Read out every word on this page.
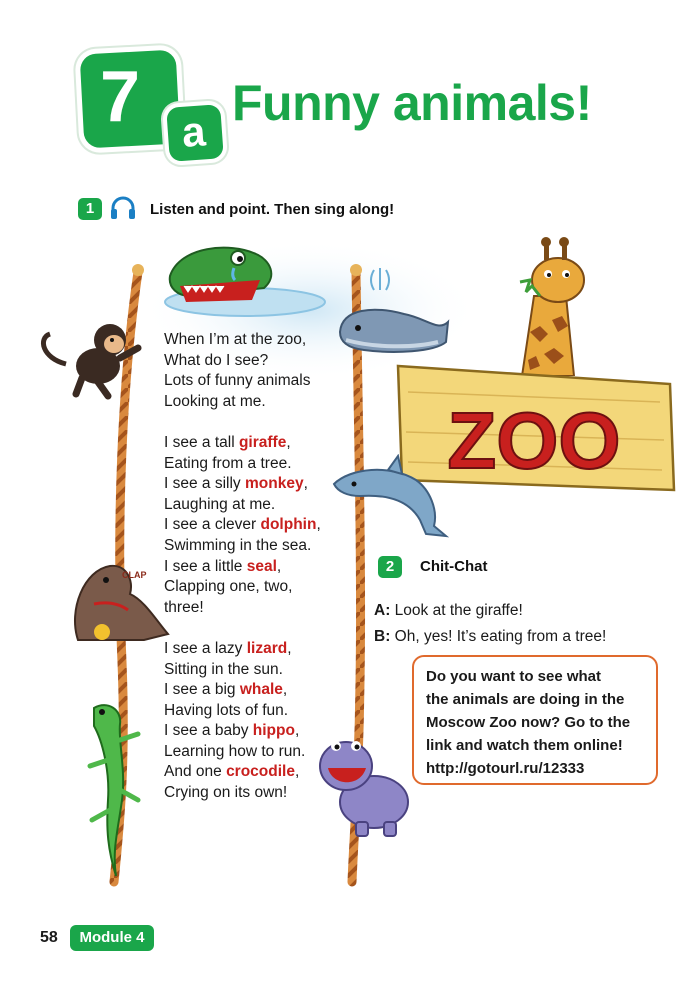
7 a
Funny animals!
1	Listen and point. Then sing along!
ZOO
CLAP
When I’m at the zoo,
What do I see?
Lots of funny animals
Looking at me.
I see a tall giraffe,
Eating from a tree.
I see a silly monkey,
Laughing at me.
I see a clever dolphin,
Swimming in the sea.
I see a little seal,
Clapping one, two,
three!
I see a lazy lizard,
Sitting in the sun.
I see a big whale,
Having lots of fun.
I see a baby hippo,
Learning how to run.
And one crocodile,
Crying on its own!
2	Chit-Chat
A: Look at the giraffe!
B: Oh, yes! It’s eating from a tree!
Do you want to see what
the animals are doing in the
Moscow Zoo now? Go to the
link and watch them online!
http://gotourl.ru/12333
58	Module 4
